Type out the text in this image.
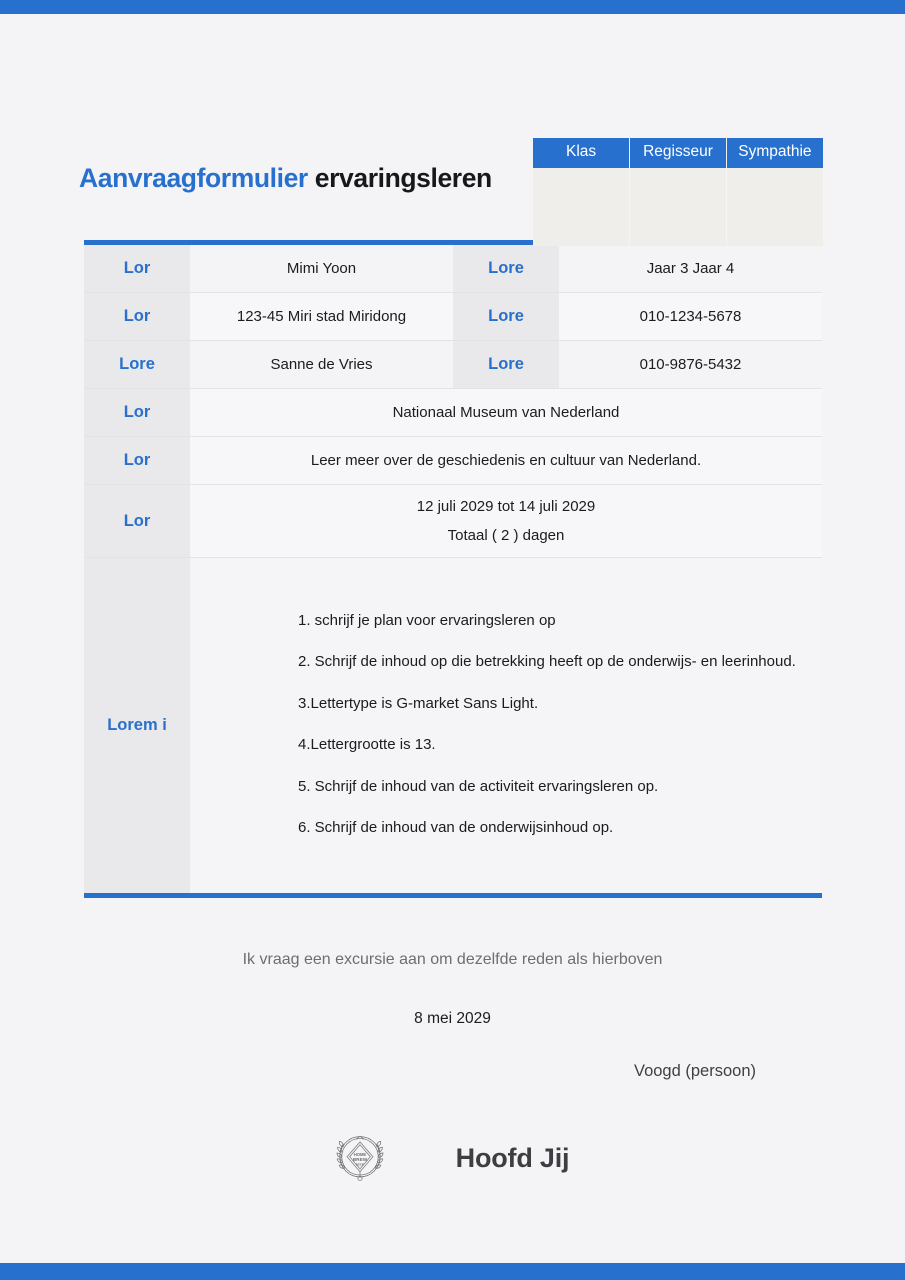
Aanvraagformulier ervaringsleren
Klas	Regisseur	Sympathie

Lor	Mimi Yoon	Lore	Jaar 3 Jaar 4
Lor	123-45 Miri stad Miridong	Lore	010-1234-5678
Lore	Sanne de Vries	Lore	010-9876-5432
Lor	Nationaal Museum van Nederland		
Lor	Leer meer over de geschiedenis en cultuur van Nederland.		
Lor	12 juli 2029 tot 14 juli 2029
Totaal ( 2 ) dagen		

Lorem i	
1. schrijf je plan voor ervaringsleren op
2. Schrijf de inhoud op die betrekking heeft op de onderwijs- en leerinhoud.
3.Lettertype is G-market Sans Light.
4.Lettergrootte is 13.
5. Schrijf de inhoud van de activiteit ervaringsleren op.
6. Schrijf de inhoud van de onderwijsinhoud op.
Ik vraag een excursie aan om dezelfde reden als hierboven
8 mei 2029
Voogd (persoon)
HOME
BREW
BEER	Hoofd Jij
